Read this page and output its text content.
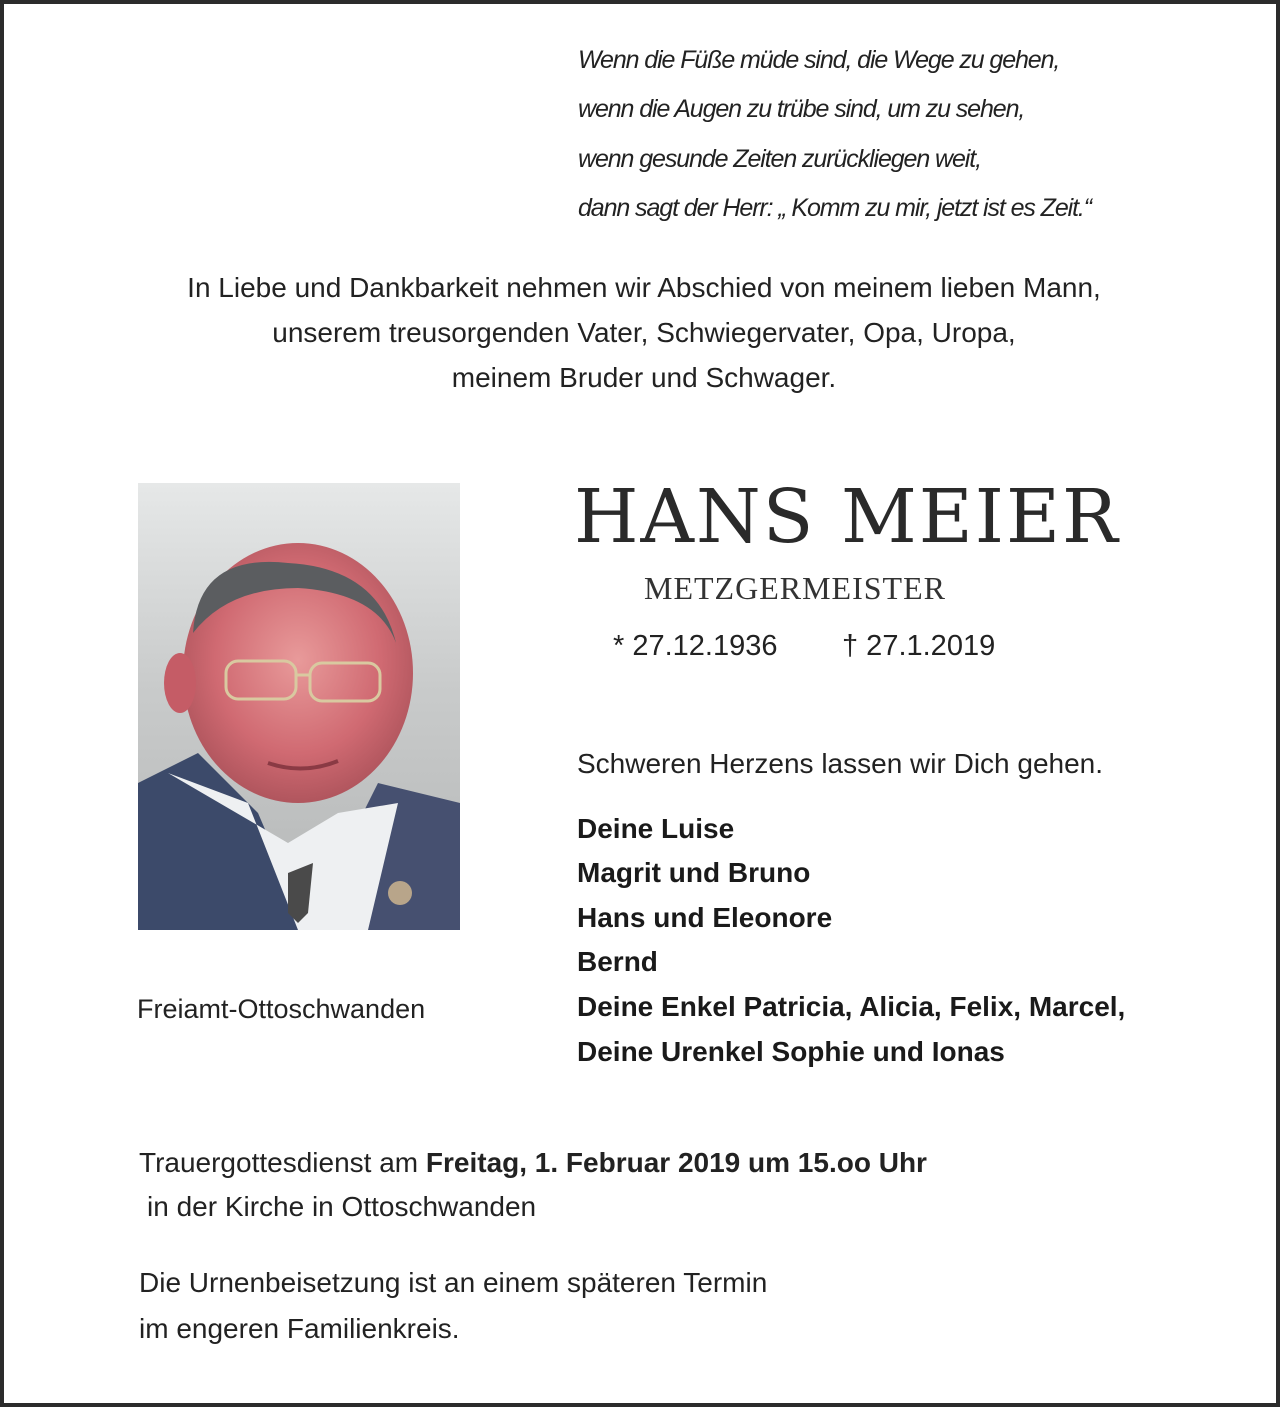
Wenn die Füße müde sind, die Wege zu gehen,
wenn die Augen zu trübe sind, um zu sehen,
wenn gesunde Zeiten zurückliegen weit,
dann sagt der Herr: „ Komm zu mir, jetzt ist es Zeit.“
In Liebe und Dankbarkeit nehmen wir Abschied von meinem lieben Mann,
unserem treusorgenden Vater, Schwiegervater, Opa, Uropa,
meinem Bruder und Schwager.
HANS MEIER
METZGERMEISTER
* 27.12.1936 † 27.1.2019
Schweren Herzens lassen wir Dich gehen.
Deine Luise
Magrit und Bruno
Hans und Eleonore
Bernd
Deine Enkel Patricia, Alicia, Felix, Marcel,
Deine Urenkel Sophie und Ionas
Freiamt-Ottoschwanden
Trauergottesdienst am Freitag, 1. Februar 2019 um 15.oo Uhr
in der Kirche in Ottoschwanden
Die Urnenbeisetzung ist an einem späteren Termin
im engeren Familienkreis.
